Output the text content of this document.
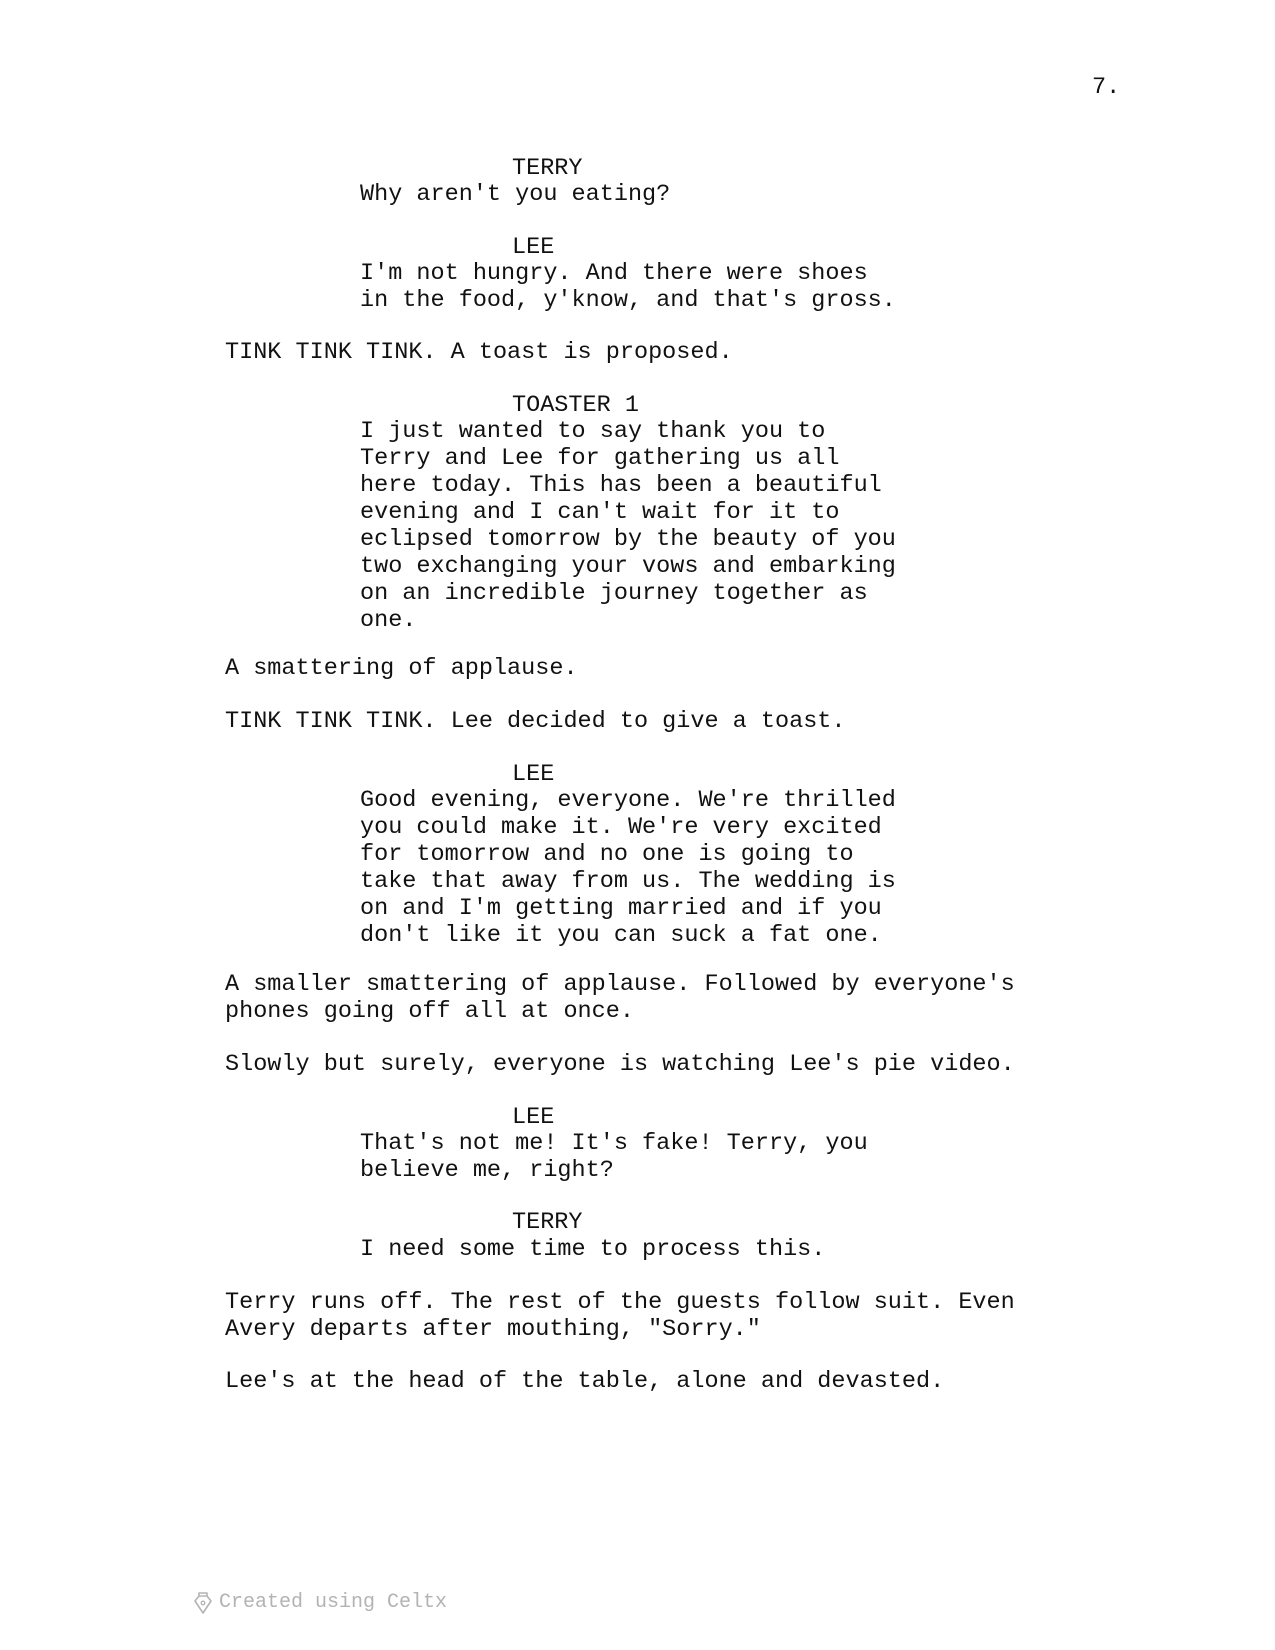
7.
TERRY
Why aren't you eating?
LEE
I'm not hungry. And there were shoes
in the food, y'know, and that's gross.
TINK TINK TINK. A toast is proposed.
TOASTER 1
I just wanted to say thank you to
Terry and Lee for gathering us all
here today. This has been a beautiful
evening and I can't wait for it to
eclipsed tomorrow by the beauty of you
two exchanging your vows and embarking
on an incredible journey together as
one.
A smattering of applause.
TINK TINK TINK. Lee decided to give a toast.
LEE
Good evening, everyone. We're thrilled
you could make it. We're very excited
for tomorrow and no one is going to
take that away from us. The wedding is
on and I'm getting married and if you
don't like it you can suck a fat one.
A smaller smattering of applause. Followed by everyone's
phones going off all at once.
Slowly but surely, everyone is watching Lee's pie video.
LEE
That's not me! It's fake! Terry, you
believe me, right?
TERRY
I need some time to process this.
Terry runs off. The rest of the guests follow suit. Even
Avery departs after mouthing, "Sorry."
Lee's at the head of the table, alone and devasted.
Created using Celtx
